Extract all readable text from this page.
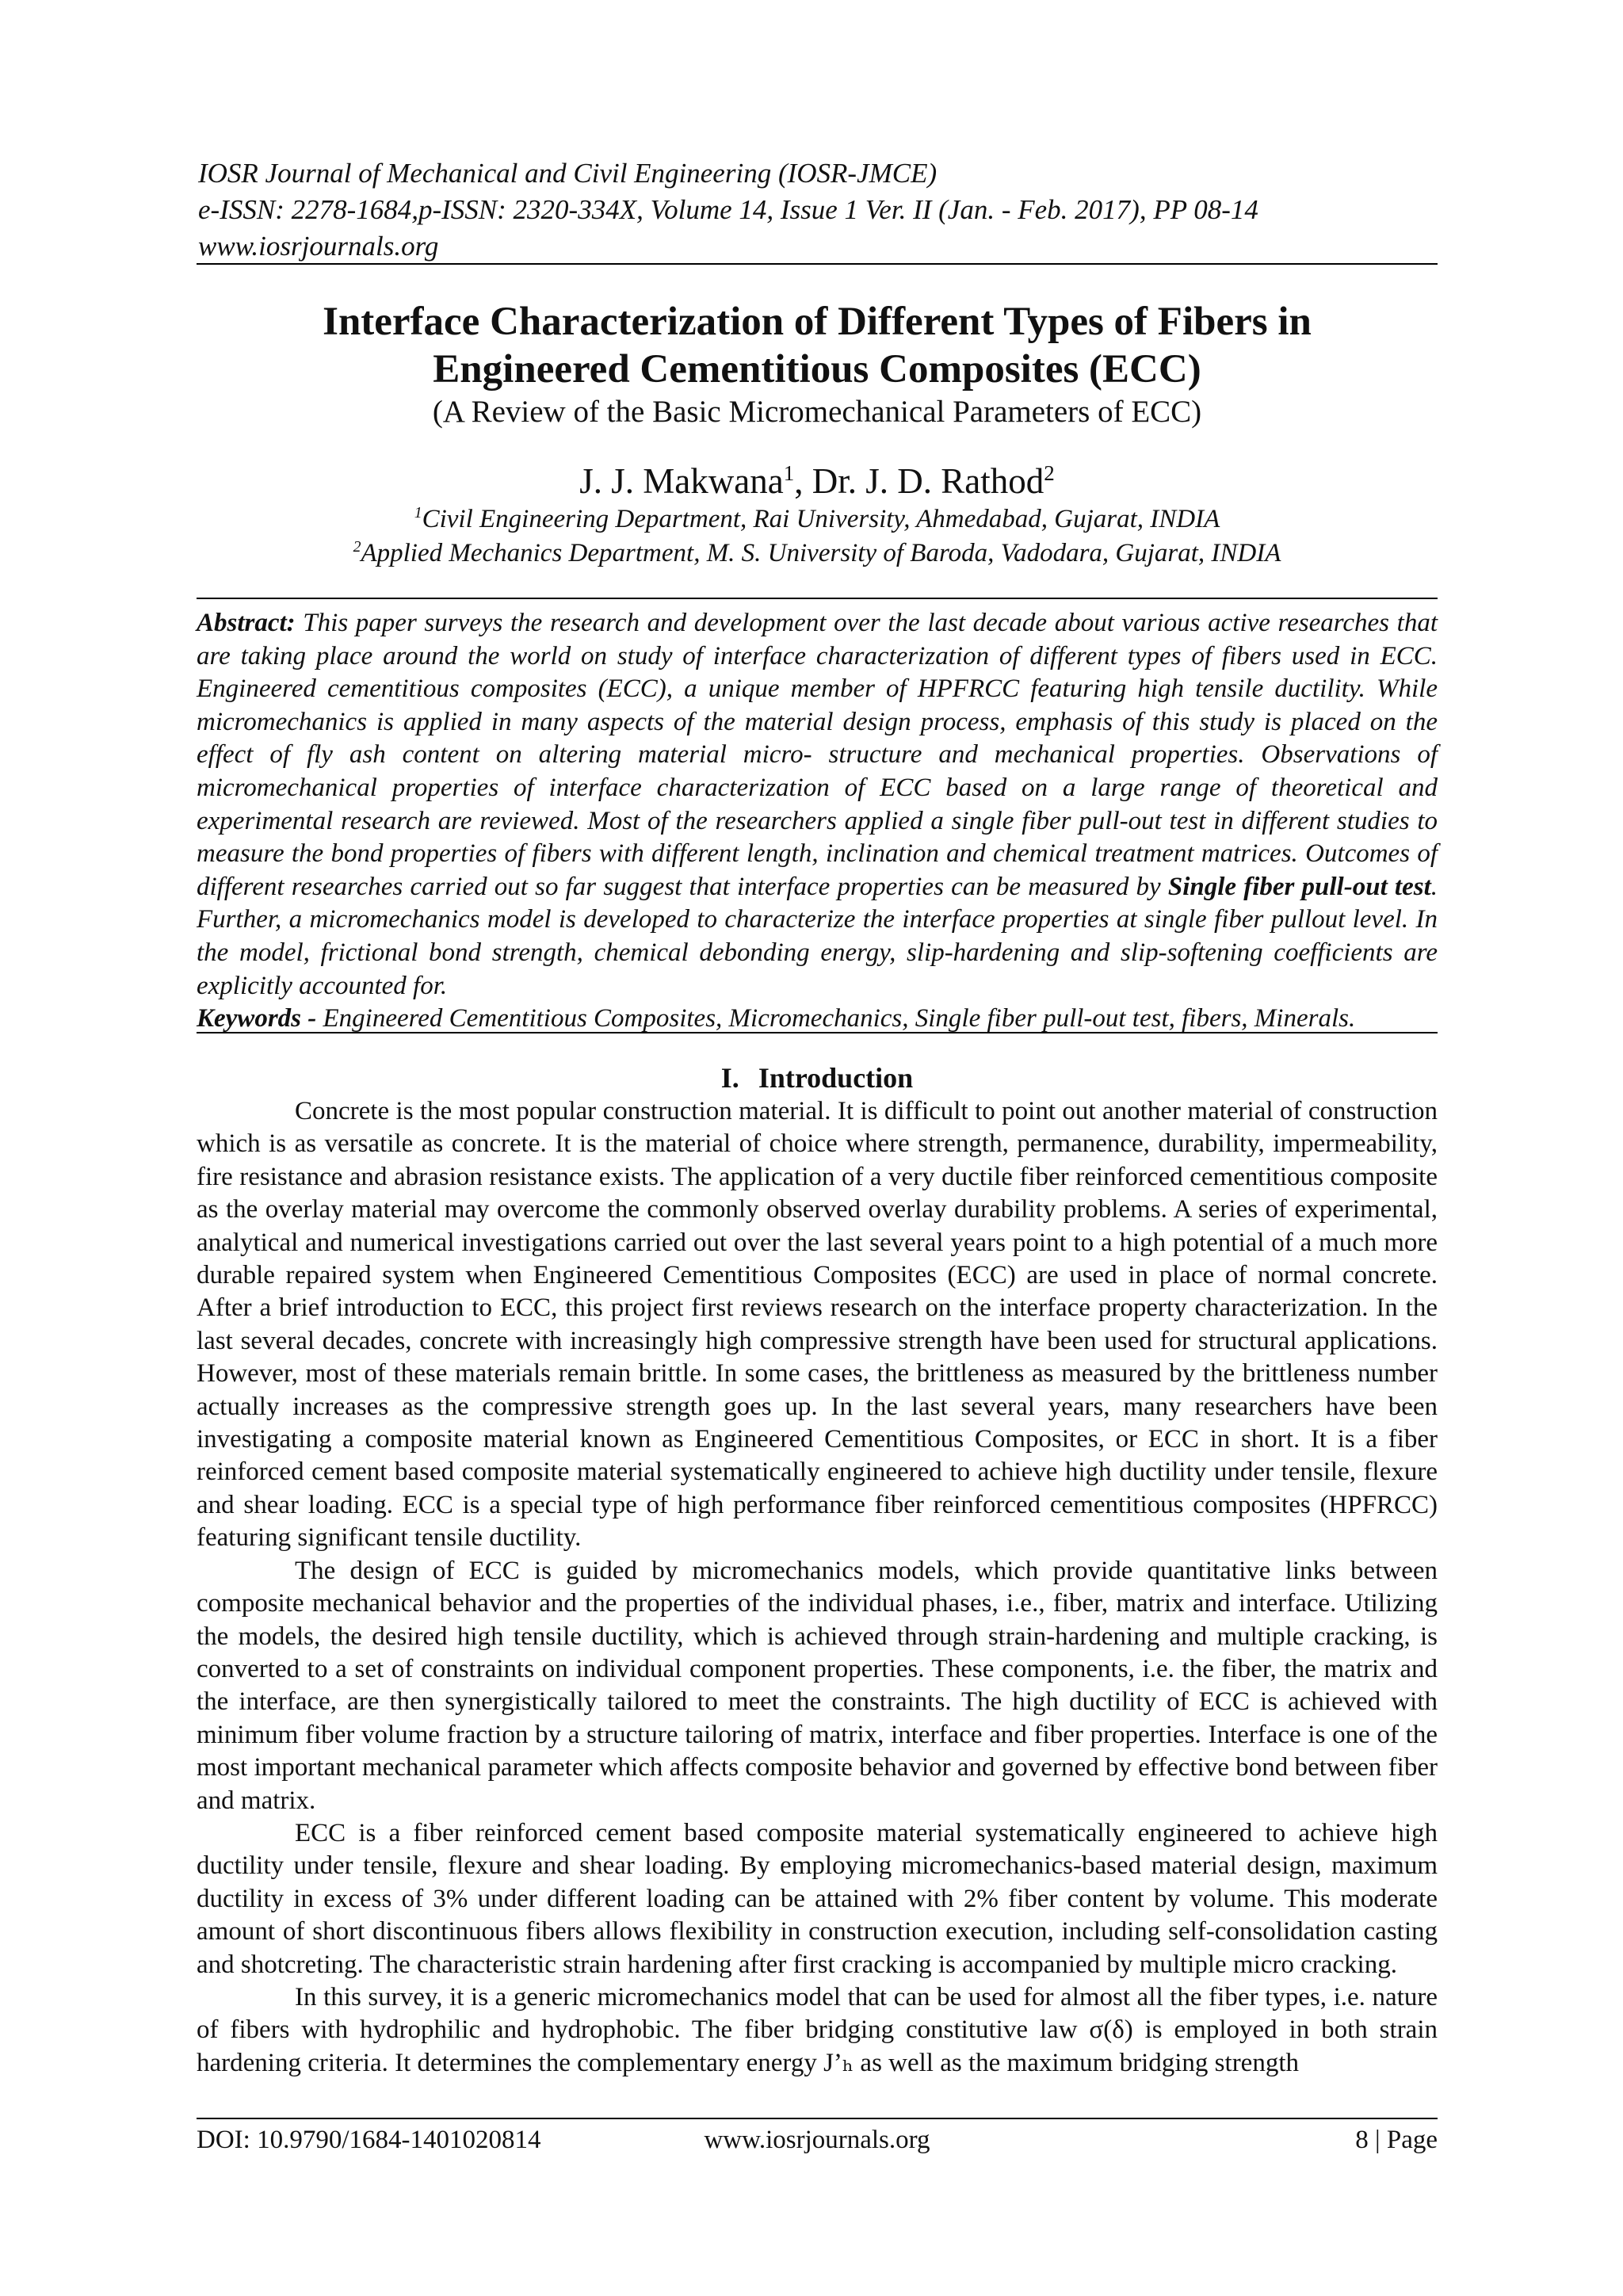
IOSR Journal of Mechanical and Civil Engineering (IOSR-JMCE)
e-ISSN: 2278-1684,p-ISSN: 2320-334X, Volume 14, Issue 1 Ver. II (Jan. - Feb. 2017), PP 08-14
www.iosrjournals.org
Interface Characterization of Different Types of Fibers in
Engineered Cementitious Composites (ECC)

(A Review of the Basic Micromechanical Parameters of ECC)

J. J. Makwana$^1$, Dr. J. D. Rathod$^2$

$^1$Civil Engineering Department, Rai University, Ahmedabad, Gujarat, INDIA

$^2$Applied Mechanics Department, M. S. University of Baroda, Vadodara, Gujarat, INDIA

Abstract: This paper surveys the research and development over the last decade about various active researches that are taking place around the world on study of interface characterization of different types of fibers used in ECC. Engineered cementitious composites (ECC), a unique member of HPFRCC featuring high tensile ductility. While micromechanics is applied in many aspects of the material design process, emphasis of this study is placed on the effect of fly ash content on altering material micro- structure and mechanical properties. Observations of micromechanical properties of interface characterization of ECC based on a large range of theoretical and experimental research are reviewed. Most of the researchers applied a single fiber pull-out test in different studies to measure the bond properties of fibers with different length, inclination and chemical treatment matrices. Outcomes of different researches carried out so far suggest that interface properties can be measured by Single fiber pull-out test. Further, a micromechanics model is developed to characterize the interface properties at single fiber pullout level. In the model, frictional bond strength, chemical debonding energy, slip-hardening and slip-softening coefficients are explicitly accounted for.

Keywords - Engineered Cementitious Composites, Micromechanics, Single fiber pull-out test, fibers, Minerals.

I. Introduction

Concrete is the most popular construction material. It is difficult to point out another material of construction which is as versatile as concrete. It is the material of choice where strength, permanence, durability, impermeability, fire resistance and abrasion resistance exists. The application of a very ductile fiber reinforced cementitious composite as the overlay material may overcome the commonly observed overlay durability problems. A series of experimental, analytical and numerical investigations carried out over the last several years point to a high potential of a much more durable repaired system when Engineered Cementitious Composites (ECC) are used in place of normal concrete. After a brief introduction to ECC, this project first reviews research on the interface property characterization. In the last several decades, concrete with increasingly high compressive strength have been used for structural applications. However, most of these materials remain brittle. In some cases, the brittleness as measured by the brittleness number actually increases as the compressive strength goes up. In the last several years, many researchers have been investigating a composite material known as Engineered Cementitious Composites, or ECC in short. It is a fiber reinforced cement based composite material systematically engineered to achieve high ductility under tensile, flexure and shear loading. ECC is a special type of high performance fiber reinforced cementitious composites (HPFRCC) featuring significant tensile ductility.

The design of ECC is guided by micromechanics models, which provide quantitative links between composite mechanical behavior and the properties of the individual phases, i.e., fiber, matrix and interface. Utilizing the models, the desired high tensile ductility, which is achieved through strain-hardening and multiple cracking, is converted to a set of constraints on individual component properties. These components, i.e. the fiber, the matrix and the interface, are then synergistically tailored to meet the constraints. The high ductility of ECC is achieved with minimum fiber volume fraction by a structure tailoring of matrix, interface and fiber properties. Interface is one of the most important mechanical parameter which affects composite behavior and governed by effective bond between fiber and matrix.

ECC is a fiber reinforced cement based composite material systematically engineered to achieve high ductility under tensile, flexure and shear loading. By employing micromechanics-based material design, maximum ductility in excess of 3% under different loading can be attained with 2% fiber content by volume. This moderate amount of short discontinuous fibers allows flexibility in construction execution, including self-consolidation casting and shotcreting. The characteristic strain hardening after first cracking is accompanied by multiple micro cracking.

In this survey, it is a generic micromechanics model that can be used for almost all the fiber types, i.e. nature of fibers with hydrophilic and hydrophobic. The fiber bridging constitutive law σ(δ) is employed in both strain hardening criteria. It determines the complementary energy J’ₕ as well as the maximum bridging strength

DOI: 10.9790/1684-1401020814	www.iosrjournals.org	8 | Page
